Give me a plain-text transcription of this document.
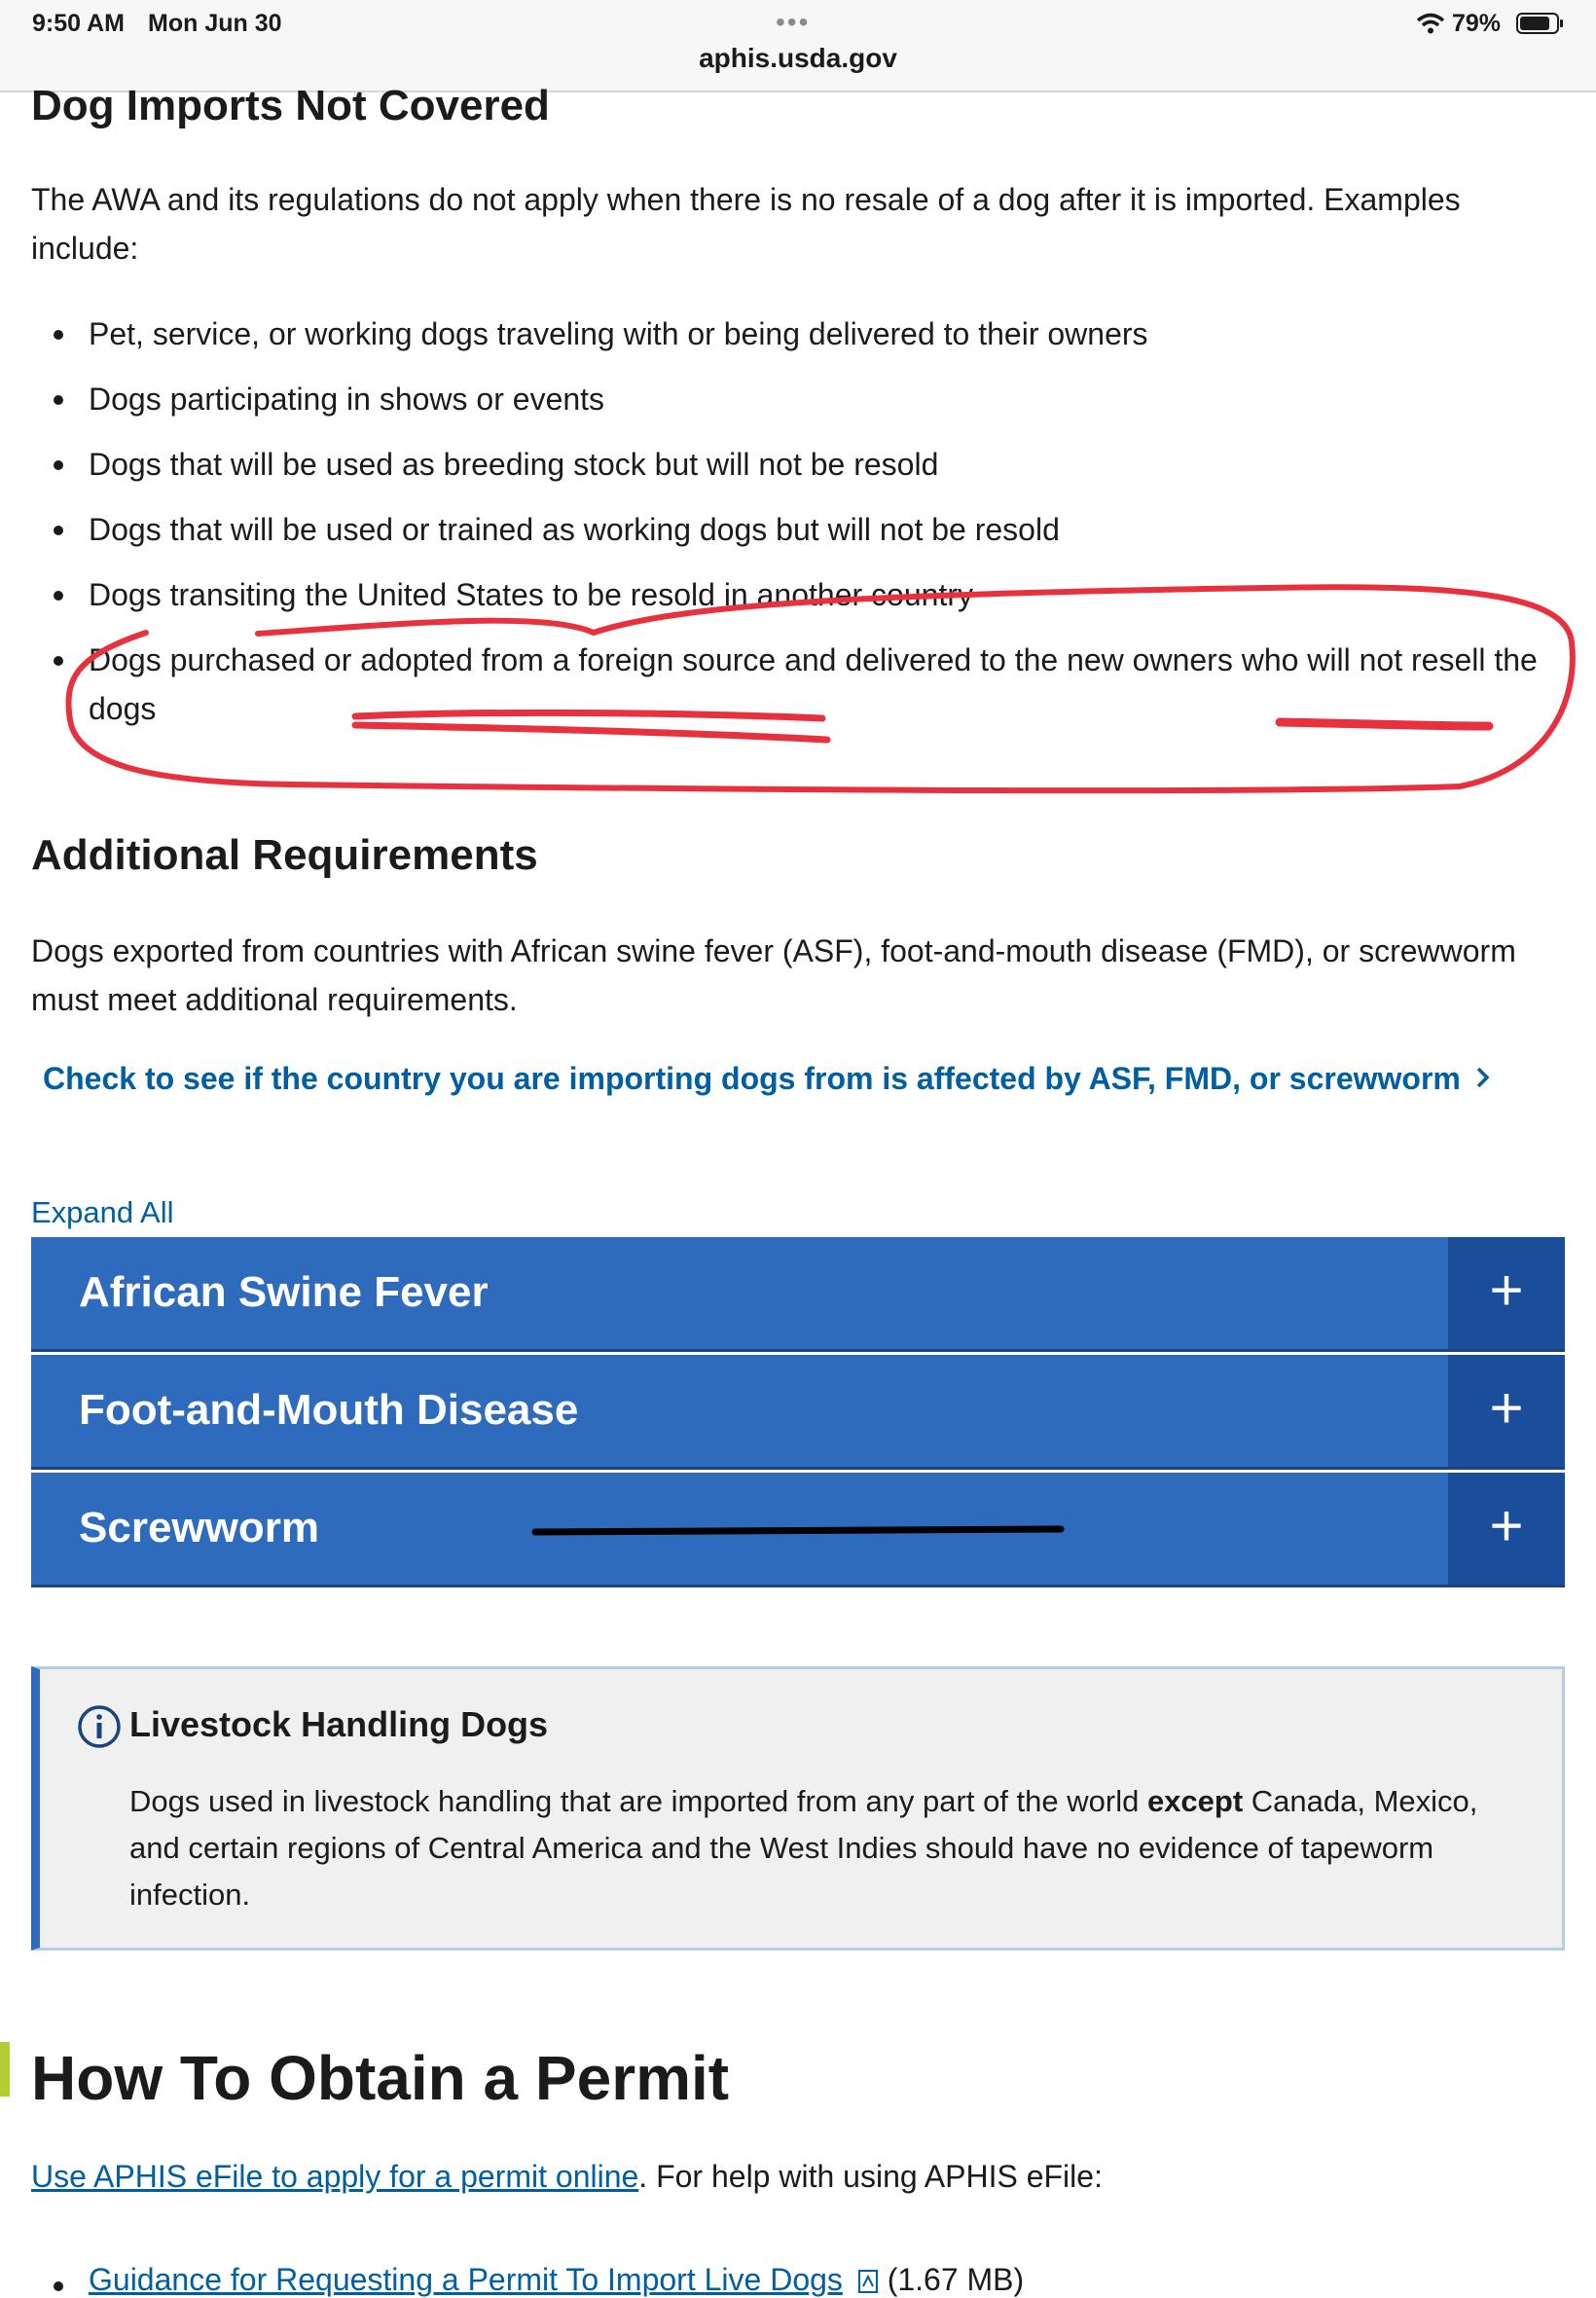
9:50 AM Mon Jun 30	•••
aphis.usda.gov
79%
Dog Imports Not Covered
The AWA and its regulations do not apply when there is no resale of a dog after it is imported. Examples include:
Pet, service, or working dogs traveling with or being delivered to their owners
Dogs participating in shows or events
Dogs that will be used as breeding stock but will not be resold
Dogs that will be used or trained as working dogs but will not be resold
Dogs transiting the United States to be resold in another country
Dogs purchased or adopted from a foreign source and delivered to the new owners who will not resell the dogs
Additional Requirements
Dogs exported from countries with African swine fever (ASF), foot-and-mouth disease (FMD), or screwworm must meet additional requirements.
Check to see if the country you are importing dogs from is affected by ASF, FMD, or screwworm
Expand All
African Swine Fever	+
Foot-and-Mouth Disease	+
Screwworm	+
Livestock Handling Dogs
Dogs used in livestock handling that are imported from any part of the world except Canada, Mexico, and certain regions of Central America and the West Indies should have no evidence of tapeworm infection.
How To Obtain a Permit
Use APHIS eFile to apply for a permit online. For help with using APHIS eFile:
Guidance for Requesting a Permit To Import Live Dogs (1.67 MB)
